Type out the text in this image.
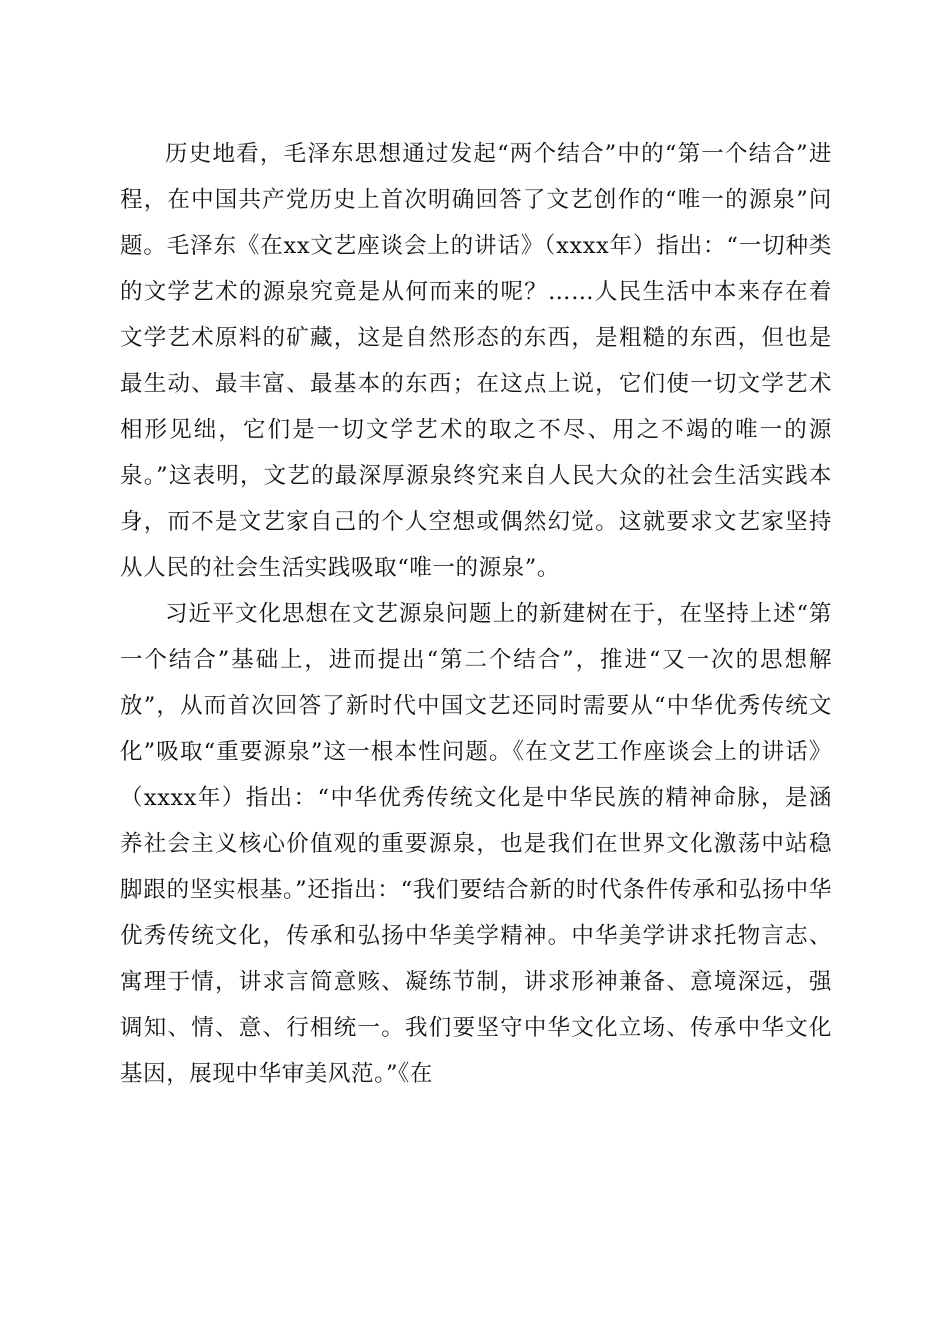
历史地看，毛泽东思想通过发起“两个结合”中的“第一个结合”进程，在中国共产党历史上首次明确回答了文艺创作的“唯一的源泉”问题。毛泽东《在xx文艺座谈会上的讲话》（xxxx年）指出：“一切种类的文学艺术的源泉究竟是从何而来的呢？……人民生活中本来存在着文学艺术原料的矿藏，这是自然形态的东西，是粗糙的东西，但也是最生动、最丰富、最基本的东西；在这点上说，它们使一切文学艺术相形见绌，它们是一切文学艺术的取之不尽、用之不竭的唯一的源泉。”这表明，文艺的最深厚源泉终究来自人民大众的社会生活实践本身，而不是文艺家自己的个人空想或偶然幻觉。这就要求文艺家坚持从人民的社会生活实践吸取“唯一的源泉”。

习近平文化思想在文艺源泉问题上的新建树在于，在坚持上述“第一个结合”基础上，进而提出“第二个结合”，推进“又一次的思想解放”，从而首次回答了新时代中国文艺还同时需要从“中华优秀传统文化”吸取“重要源泉”这一根本性问题。《在文艺工作座谈会上的讲话》（xxxx年）指出：“中华优秀传统文化是中华民族的精神命脉，是涵养社会主义核心价值观的重要源泉，也是我们在世界文化激荡中站稳脚跟的坚实根基。”还指出：“我们要结合新的时代条件传承和弘扬中华优秀传统文化，传承和弘扬中华美学精神。中华美学讲求托物言志、寓理于情，讲求言简意赅、凝练节制，讲求形神兼备、意境深远，强调知、情、意、行相统一。我们要坚守中华文化立场、传承中华文化基因，展现中华审美风范。”《在
